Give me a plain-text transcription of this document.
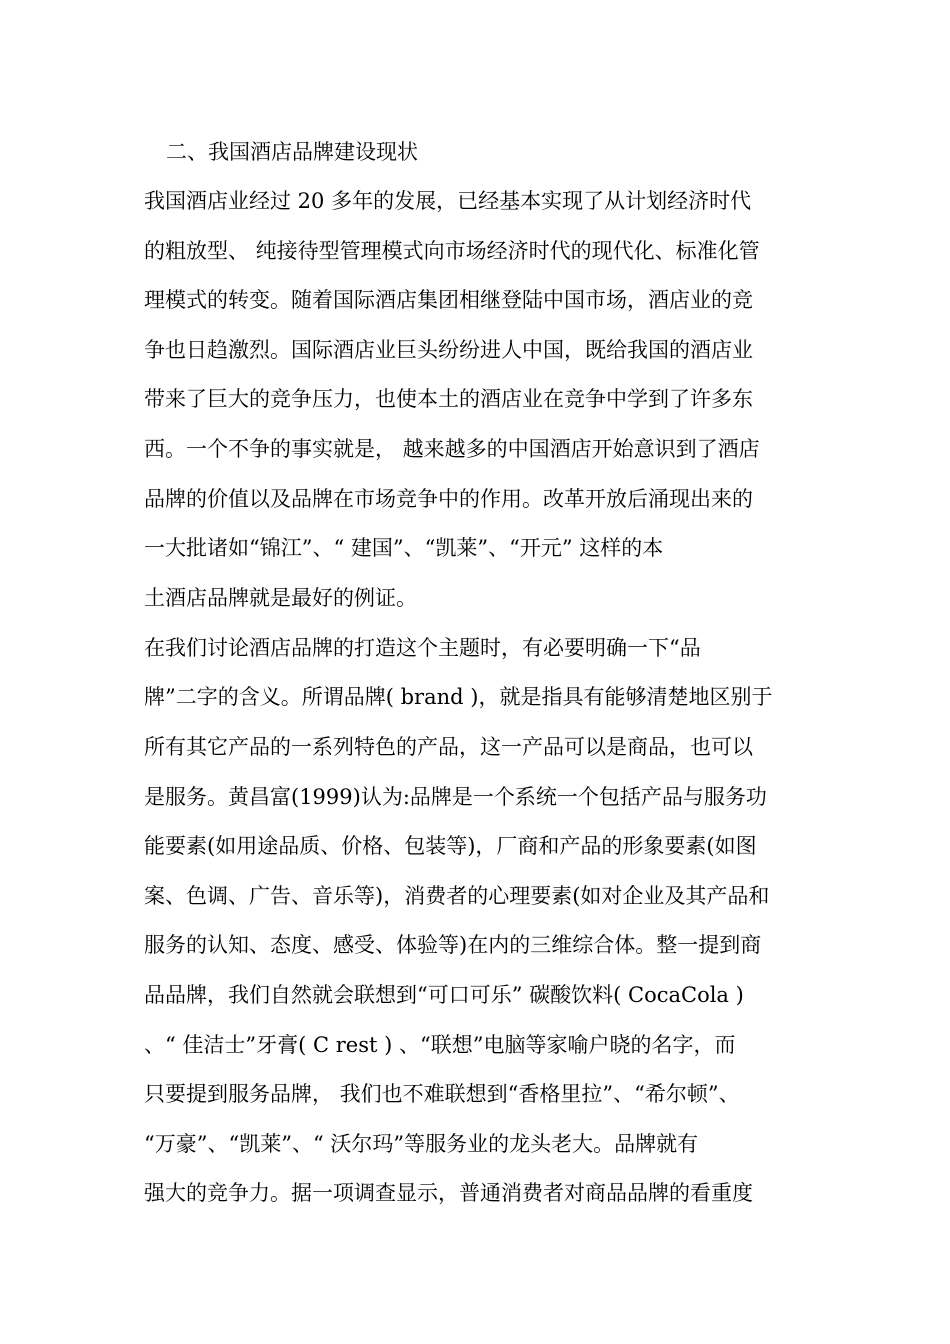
二、我国酒店品牌建设现状
我国酒店业经过 20 多年的发展，已经基本实现了从计划经济时代
的粗放型、 纯接待型管理模式向市场经济时代的现代化、标准化管
理模式的转变。随着国际酒店集团相继登陆中国市场，酒店业的竞
争也日趋激烈。国际酒店业巨头纷纷进人中国，既给我国的酒店业
带来了巨大的竞争压力，也使本土的酒店业在竞争中学到了许多东
西。一个不争的事实就是， 越来越多的中国酒店开始意识到了酒店
品牌的价值以及品牌在市场竞争中的作用。改革开放后涌现出来的
一大批诸如“锦江”、“ 建国”、“凯莱”、“开元” 这样的本
土酒店品牌就是最好的例证。
在我们讨论酒店品牌的打造这个主题时，有必要明确一下“品
牌”二字的含义。所谓品牌( brand )，就是指具有能够清楚地区别于
所有其它产品的一系列特色的产品，这一产品可以是商品，也可以
是服务。黄昌富(1999)认为:品牌是一个系统一个包括产品与服务功
能要素(如用途品质、价格、包装等)，厂商和产品的形象要素(如图
案、色调、广告、音乐等)，消费者的心理要素(如对企业及其产品和
服务的认知、态度、感受、体验等)在内的三维综合体。整一提到商
品品牌，我们自然就会联想到“可口可乐” 碳酸饮料( CocaCola )
、“ 佳洁士”牙膏( C rest ) 、“联想”电脑等家喻户晓的名字，而
只要提到服务品牌， 我们也不难联想到“香格里拉”、“希尔顿”、
“万豪”、“凯莱”、“ 沃尔玛”等服务业的龙头老大。品牌就有
强大的竞争力。据一项调查显示，普通消费者对商品品牌的看重度
